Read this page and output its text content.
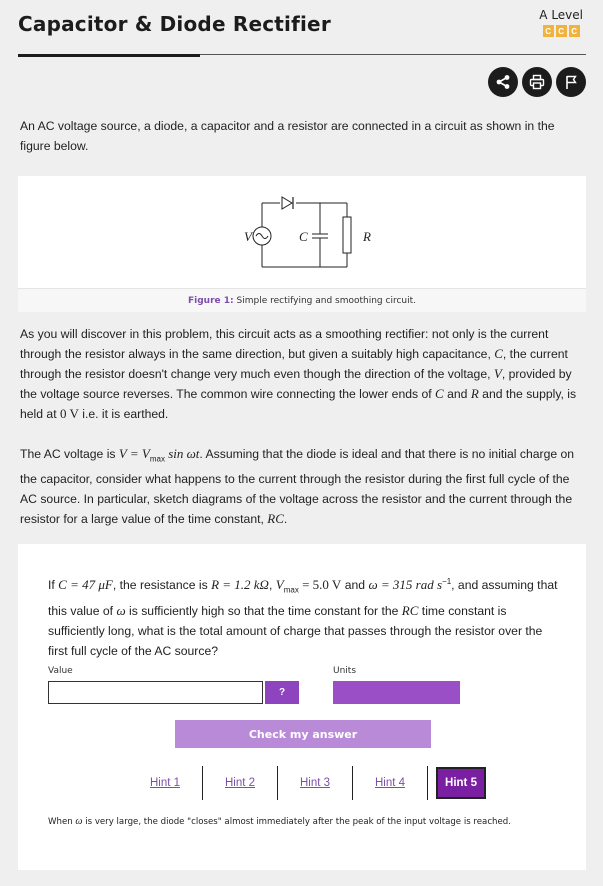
Capacitor & Diode Rectifier	A Level
C C C
An AC voltage source, a diode, a capacitor and a resistor are connected in a circuit as shown in the figure below.
V	C	R
Figure 1: Simple rectifying and smoothing circuit.
As you will discover in this problem, this circuit acts as a smoothing rectifier: not only is the current through the resistor always in the same direction, but given a suitably high capacitance, C, the current through the resistor doesn't change very much even though the direction of the voltage, V, provided by the voltage source reverses. The common wire connecting the lower ends of C and R and the supply, is held at 0 V i.e. it is earthed.
The AC voltage is $V = V_{max}$ sin ωt. Assuming that the diode is ideal and that there is no initial charge on the capacitor, consider what happens to the current through the resistor during the first full cycle of the AC source. In particular, sketch diagrams of the voltage across the resistor and the current through the resistor for a large value of the time constant, RC.
If C = 47 μF, the resistance is R = 1.2 kΩ, $V_{max} = 5.0$ V and ω = 315 rad $s^{-1}$, and assuming that this value of ω is sufficiently high so that the time constant for the RC time constant is sufficiently long, what is the total amount of charge that passes through the resistor over the first full cycle of the AC source?
Value	Units
?
Check my answer
Hint 1	Hint 2	Hint 3	Hint 4	Hint 5
When ω is very large, the diode "closes" almost immediately after the peak of the input voltage is reached.
